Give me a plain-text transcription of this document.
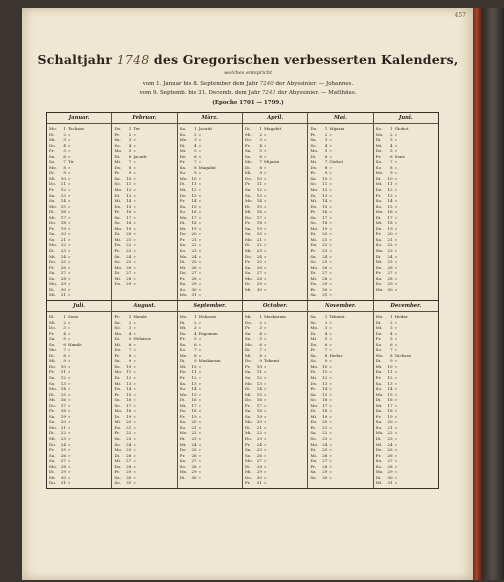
457
Schaltjahr 1748 des Gregorischen verbesserten Kalenders,
welches entspricht
vom 1. Januar bis 8. September dem Jahr 7240 der Abyssinier. — Johannes.
vom 9. Septemb. bis 31. Decemb. dem Jahr 7241 der Abyssinier. — Matthäus.
(Epoche 1701 — 1799.)
Januar.
Mo.	1 Tschass
Di.	2 »
Mi.	3 »
Do.	4 »
Fr.	5 »
Sa.	6 »
So.	7 Tir
Mo.	8 »
Di.	9 »
Mi.	10 »
Do.	11 »
Fr.	12 »
Sa.	13 »
So.	14 »
Mo. 15 »
Di.	16 »
Mi.	17 »
Do.	18 »
Fr.	19 »
Sa.	20 »
So.	21 »
Mo. 22 »
Di.	23 »
Mi.	24 »
Do.	25 »
Fr.	26 »
Sa.	27 »
So.	28 »
Mo. 29 »
Di.	30 »
Mi.	31 »
Februar.
Do.	1 Ter
Fr.	2 »
Sa.	3 »
So.	4 »
Mo.	5 »
Di.	6 Jacatit
Mi.	7 »
Do.	8 »
Fr.	9 »
Sa.	10 »
So.	11 »
Mo. 12 »
Di.	13 »
Mi.	14 »
Do.	15 »
Fr.	16 »
Sa.	17 »
So.	18 »
Mo. 19 »
Di.	20 »
Mi.	21 »
Do.	22 »
Fr.	23 »
Sa.	24 »
So.	25 »
Mo. 26 »
Di.	27 »
Mi.	28 »
Do.	29 »
März.
Sa.	1 Jacatit
So.	2 »
Mo.	3 »
Di.	4 »
Mi.	5 »
Do.	6 »
Fr.	7 »
Sa.	8 Magabit
So.	9 »
Mo. 10 »
Di.	11 »
Mi.	12 »
Do.	13 »
Fr.	14 »
Sa.	15 »
So.	16 »
Mo. 17 »
Di.	18 »
Mi.	19 »
Do.	20 »
Fr.	21 »
Sa.	22 »
So.	23 »
Mo. 24 »
Di.	25 »
Mi.	26 »
Do.	27 »
Fr.	28 »
Sa.	29 »
So.	30 »
Mo. 31 »
April.
Di.	1 Magabit
Mi.	2 »
Do.	3 »
Fr.	4 »
Sa.	5 »
So.	6 »
Mo.	7 Mijazia
Di.	8 »
Mi.	9 »
Do.	10 »
Fr.	11 »
Sa.	12 »
So.	13 »
Mo. 14 »
Di.	15 »
Mi.	16 »
Do.	17 »
Fr.	18 »
Sa.	19 »
So.	20 »
Mo. 21 »
Di.	22 »
Mi.	23 »
Do.	24 »
Fr.	25 »
Sa.	26 »
So.	27 »
Mo. 28 »
Di.	29 »
Mi.	30 »
Mai.
Do.	1 Mijazia
Fr.	2 »
Sa.	3 »
So.	4 »
Mo.	5 »
Di.	6 »
Mi.	7 Giobot
Do.	8 »
Fr.	9 »
Sa.	10 »
So.	11 »
Mo. 12 »
Di.	13 »
Mi.	14 »
Do.	15 »
Fr.	16 »
Sa.	17 »
So.	18 »
Mo. 19 »
Di.	20 »
Mi.	21 »
Do.	22 »
Fr.	23 »
Sa.	24 »
So.	25 »
Mo. 26 »
Di.	27 »
Mi.	28 »
Do.	29 »
Fr.	30 »
Sa.	31 »
Juni.
So.	1 Giobot
Mo.	2 »
Di.	3 »
Mi.	4 »
Do.	5 »
Fr.	6 Sene
Sa.	7 »
So.	8 »
Mo.	9 »
Di.	10 »
Mi.	11 »
Do.	12 »
Fr.	13 »
Sa.	14 »
So.	15 »
Mo. 16 »
Di.	17 »
Mi.	18 »
Do.	19 »
Fr.	20 »
Sa.	21 »
So.	22 »
Mo. 23 »
Di.	24 »
Mi.	25 »
Do.	26 »
Fr.	27 »
Sa.	28 »
So.	29 »
Mo. 30 »
Juli.
Di.	1 Sene
Mi.	2 »
Do.	3 »
Fr.	4 »
Sa.	5 »
So.	6 Hamle
Mo.	7 »
Di.	8 »
Mi.	9 »
Do.	10 »
Fr.	11 »
Sa.	12 »
So.	13 »
Mo. 14 »
Di.	15 »
Mi.	16 »
Do.	17 »
Fr.	18 »
Sa.	19 »
So.	20 »
Mo. 21 »
Di.	22 »
Mi.	23 »
Do.	24 »
Fr.	25 »
Sa.	26 »
So.	27 »
Mo. 28 »
Di.	29 »
Mi.	30 »
Do.	31 »
August.
Fr.	1 Hamle
Sa.	2 »
So.	3 »
Mo.	4 »
Di.	5 Nehasse
Mi.	6 »
Do.	7 »
Fr.	8 »
Sa.	9 »
So.	10 »
Mo. 11 »
Di.	12 »
Mi.	13 »
Do.	14 »
Fr.	15 »
Sa.	16 »
So.	17 »
Mo. 18 »
Di.	19 »
Mi.	20 »
Do.	21 »
Fr.	22 »
Sa.	23 »
So.	24 »
Mo. 25 »
Di.	26 »
Mi.	27 »
Do.	28 »
Fr.	29 »
Sa.	30 »
So.	31 »
September.
Mo.	1 Nehasse
Di.	2 »
Mi.	3 »
Do.	4 Pagomen
Fr.	5 »
Sa.	6 »
So.	7 »
Mo.	8 »
Di.	9 Maskaram
Mi.	10 »
Do.	11 »
Fr.	12 »
Sa.	13 »
So.	14 »
Mo. 15 »
Di.	16 »
Mi.	17 »
Do.	18 »
Fr.	19 »
Sa.	20 »
So.	21 »
Mo. 22 »
Di.	23 »
Mi.	24 »
Do.	25 »
Fr.	26 »
Sa.	27 »
So.	28 »
Mo. 29 »
Di.	30 »
October.
Mi.	1 Maskaram
Do.	2 »
Fr.	3 »
Sa.	4 »
So.	5 »
Mo.	6 »
Di.	7 »
Mi.	8 »
Do.	9 Tekemt
Fr.	10 »
Sa.	11 »
So.	12 »
Mo. 13 »
Di.	14 »
Mi.	15 »
Do.	16 »
Fr.	17 »
Sa.	18 »
So.	19 »
Mo. 20 »
Di.	21 »
Mi.	22 »
Do.	23 »
Fr.	24 »
Sa.	25 »
So.	26 »
Mo. 27 »
Di.	28 »
Mi.	29 »
Do.	30 »
Fr.	31 »
November.
Sa.	1 Tekemt
So.	2 »
Mo.	3 »
Di.	4 »
Mi.	5 »
Do.	6 »
Fr.	7 »
Sa.	8 Hedar
So.	9 »
Mo. 10 »
Di.	11 »
Mi.	12 »
Do.	13 »
Fr.	14 »
Sa.	15 »
So.	16 »
Mo. 17 »
Di.	18 »
Mi.	19 »
Do.	20 »
Fr.	21 »
Sa.	22 »
So.	23 »
Mo. 24 »
Di.	25 »
Mi.	26 »
Do.	27 »
Fr.	28 »
Sa.	29 »
So.	30 »
December.
Mo.	1 Hedar
Di.	2 »
Mi.	3 »
Do.	4 »
Fr.	5 »
Sa.	6 »
So.	7 »
Mo.	8 Tachsas
Di.	9 »
Mi.	10 »
Do.	11 »
Fr.	12 »
Sa.	13 »
So.	14 »
Mo. 15 »
Di.	16 »
Mi.	17 »
Do.	18 »
Fr.	19 »
Sa.	20 »
So.	21 »
Mo. 22 »
Di.	23 »
Mi.	24 »
Do.	25 »
Fr.	26 »
Sa.	27 »
So.	28 »
Mo. 29 »
Di.	30 »
Mi.	31 »
